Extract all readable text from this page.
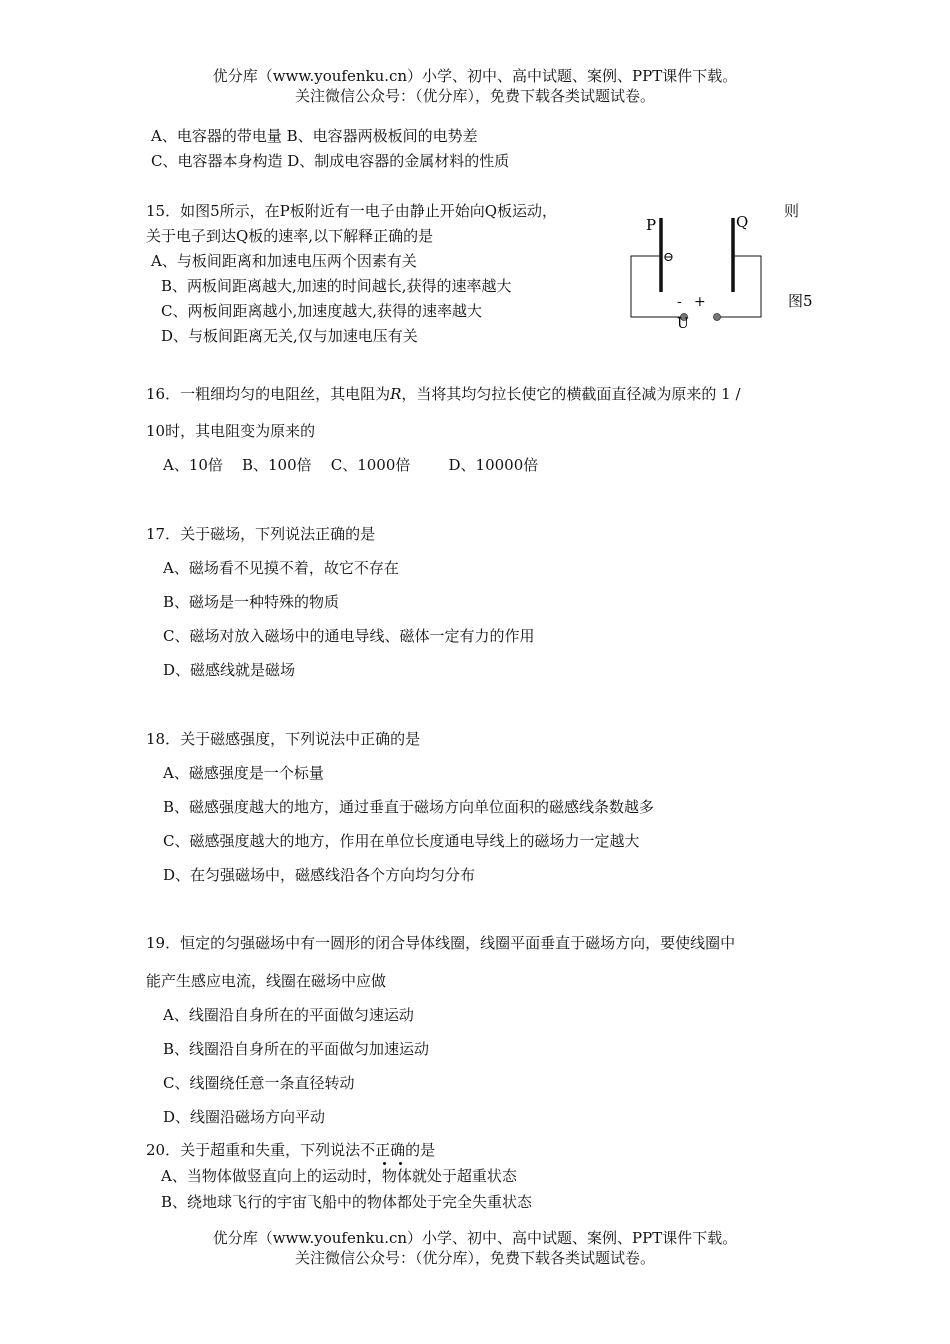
优分库（www.youfenku.cn）小学、初中、高中试题、案例、PPT课件下载。
关注微信公众号：（优分库），免费下载各类试题试卷。
A、电容器的带电量 B、电容器两极板间的电势差
C、电容器本身构造 D、制成电容器的金属材料的性质
15．如图5所示，在P板附近有一电子由静止开始向Q板运动，	则
关于电子到达Q板的速率,以下解释正确的是
A、与板间距离和加速电压两个因素有关
B、两板间距离越大,加速的时间越长,获得的速率越大
C、两板间距离越小,加速度越大,获得的速率越大
D、与板间距离无关,仅与加速电压有关
P	Q
⊖
- +
U
图5
16．一粗细均匀的电阻丝，其电阻为R，当将其均匀拉长使它的横截面直径减为原来的 1 /
10时，其电阻变为原来的
A、10倍    B、100倍    C、1000倍        D、10000倍
17．关于磁场，下列说法正确的是
A、磁场看不见摸不着，故它不存在
B、磁场是一种特殊的物质
C、磁场对放入磁场中的通电导线、磁体一定有力的作用
D、磁感线就是磁场
18．关于磁感强度，下列说法中正确的是
A、磁感强度是一个标量
B、磁感强度越大的地方，通过垂直于磁场方向单位面积的磁感线条数越多
C、磁感强度越大的地方，作用在单位长度通电导线上的磁场力一定越大
D、在匀强磁场中，磁感线沿各个方向均匀分布
19．恒定的匀强磁场中有一圆形的闭合导体线圈，线圈平面垂直于磁场方向，要使线圈中
能产生感应电流，线圈在磁场中应做
A、线圈沿自身所在的平面做匀速运动
B、线圈沿自身所在的平面做匀加速运动
C、线圈绕任意一条直径转动
D、线圈沿磁场方向平动
20．关于超重和失重，下列说法不正确的是
A、当物体做竖直向上的运动时，物体就处于超重状态
B、绕地球飞行的宇宙飞船中的物体都处于完全失重状态
优分库（www.youfenku.cn）小学、初中、高中试题、案例、PPT课件下载。
关注微信公众号：（优分库），免费下载各类试题试卷。
